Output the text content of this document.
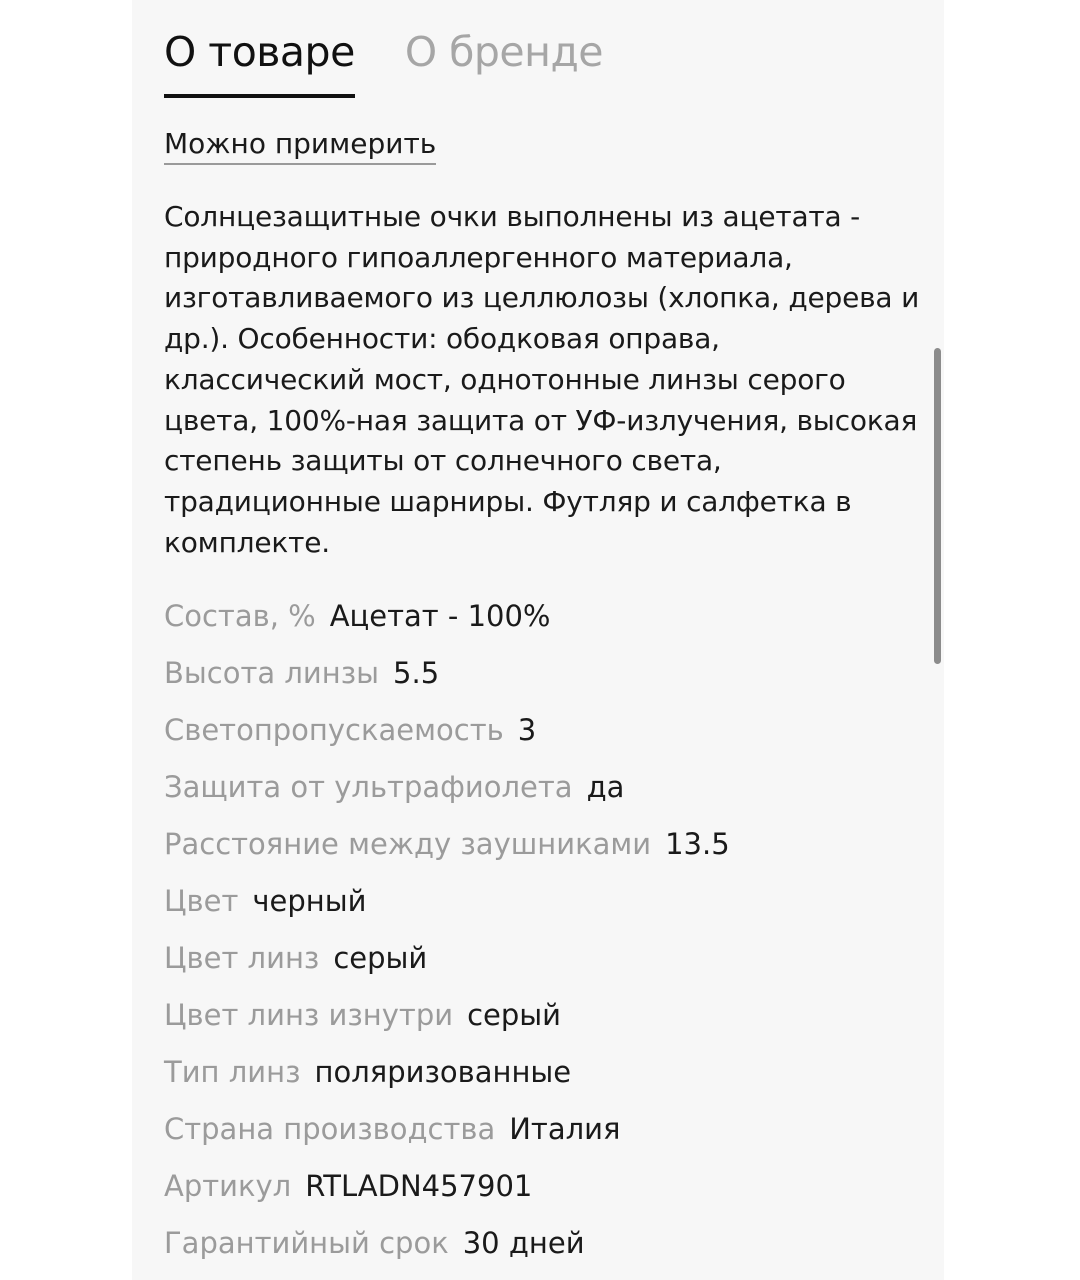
О товаре О бренде
Можно примерить

Солнцезащитные очки выполнены из ацетата - природного гипоаллергенного материала, изготавливаемого из целлюлозы (хлопка, дерева и др.). Особенности: ободковая оправа, классический мост, однотонные линзы серого цвета, 100%-ная защита от УФ-излучения, высокая степень защиты от солнечного света, традиционные шарниры. Футляр и салфетка в комплекте.

Состав, % Ацетат - 100%
Высота линзы 5.5
Светопропускаемость 3
Защита от ультрафиолета да
Расстояние между заушниками 13.5
Цвет черный
Цвет линз серый
Цвет линз изнутри серый
Тип линз поляризованные
Страна производства Италия
Артикул RTLADN457901
Гарантийный срок 30 дней
